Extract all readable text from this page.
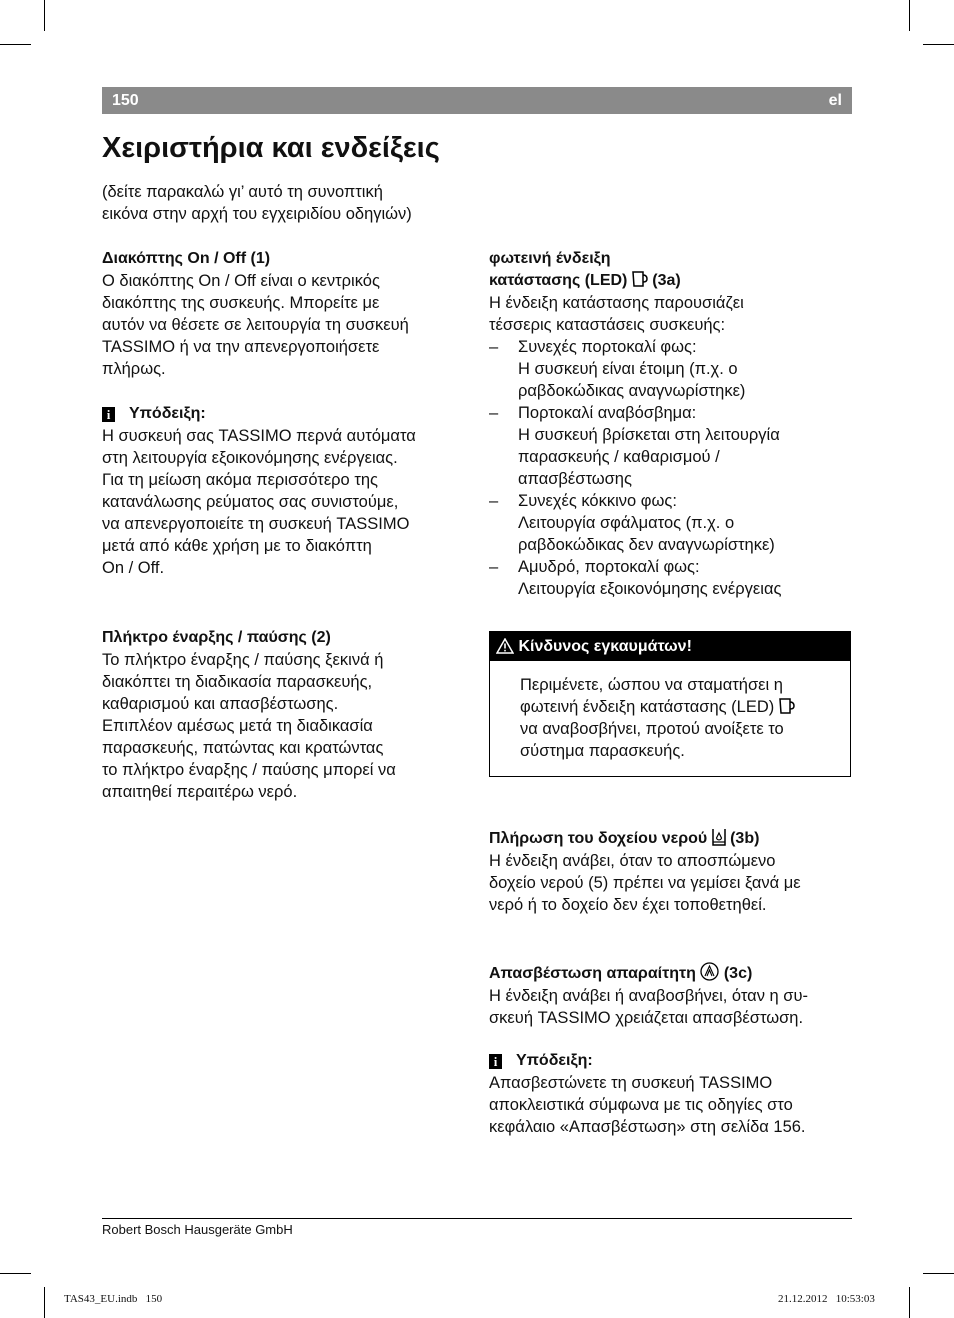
150	el
Χειριστήρια και ενδείξεις
(δείτε παρακαλώ γι’ αυτό τη συνοπτική
εικόνα στην αρχή του εγχειριδίου οδηγιών)
Διακόπτης On / Off (1)
Ο διακόπτης On / Off είναι ο κεντρικός
διακόπτης της συσκευής. Μπορείτε με
αυτόν να θέσετε σε λειτουργία τη συσκευή
TASSIMO ή να την απενεργοποιήσετε
πλήρως.
i Υπόδειξη:
Η συσκευή σας TASSIMO περνά αυτόματα
στη λειτουργία εξοικονόμησης ενέργειας.
Για τη μείωση ακόμα περισσότερο της
κατανάλωσης ρεύματος σας συνιστούμε,
να απενεργοποιείτε τη συσκευή TASSIMO
μετά από κάθε χρήση με το διακόπτη
On / Off.
Πλήκτρο έναρξης / παύσης (2)
Το πλήκτρο έναρξης / παύσης ξεκινά ή
διακόπτει τη διαδικασία παρασκευής,
καθαρισμού και απασβέστωσης.
Επιπλέον αμέσως μετά τη διαδικασία
παρασκευής, πατώντας και κρατώντας
το πλήκτρο έναρξης / παύσης μπορεί να
απαιτηθεί περαιτέρω νερό.
φωτεινή ένδειξη
κατάστασης (LED) (3a)
Η ένδειξη κατάστασης παρουσιάζει
τέσσερις καταστάσεις συσκευής:
–	Συνεχές πορτοκαλί φως:
Η συσκευή είναι έτοιμη (π.χ. ο
ραβδοκώδικας αναγνωρίστηκε)
–	Πορτοκαλί αναβόσβημα:
Η συσκευή βρίσκεται στη λειτουργία
παρασκευής / καθαρισμού /
απασβέστωσης
–	Συνεχές κόκκινο φως:
Λειτουργία σφάλματος (π.χ. ο
ραβδοκώδικας δεν αναγνωρίστηκε)
–	Αμυδρό, πορτοκαλί φως:
Λειτουργία εξοικονόμησης ενέργειας
Κίνδυνος εγκαυμάτων!
Περιμένετε, ώσπου να σταματήσει η
φωτεινή ένδειξη κατάστασης (LED)
να αναβοσβήνει, προτού ανοίξετε το
σύστημα παρασκευής.
Πλήρωση του δοχείου νερού (3b)
Η ένδειξη ανάβει, όταν το αποσπώμενο
δοχείο νερού (5) πρέπει να γεμίσει ξανά με
νερό ή το δοχείο δεν έχει τοποθετηθεί.
Απασβέστωση απαραίτητη (3c)
Η ένδειξη ανάβει ή αναβοσβήνει, όταν η συ-
σκευή TASSIMO χρειάζεται απασβέστωση.
i Υπόδειξη:
Απασβεστώνετε τη συσκευή TASSIMO
αποκλειστικά σύμφωνα με τις οδηγίες στο
κεφάλαιο «Απασβέστωση» στη σελίδα 156.
Robert Bosch Hausgeräte GmbH
TAS43_EU.indb   150	21.12.2012   10:53:03
